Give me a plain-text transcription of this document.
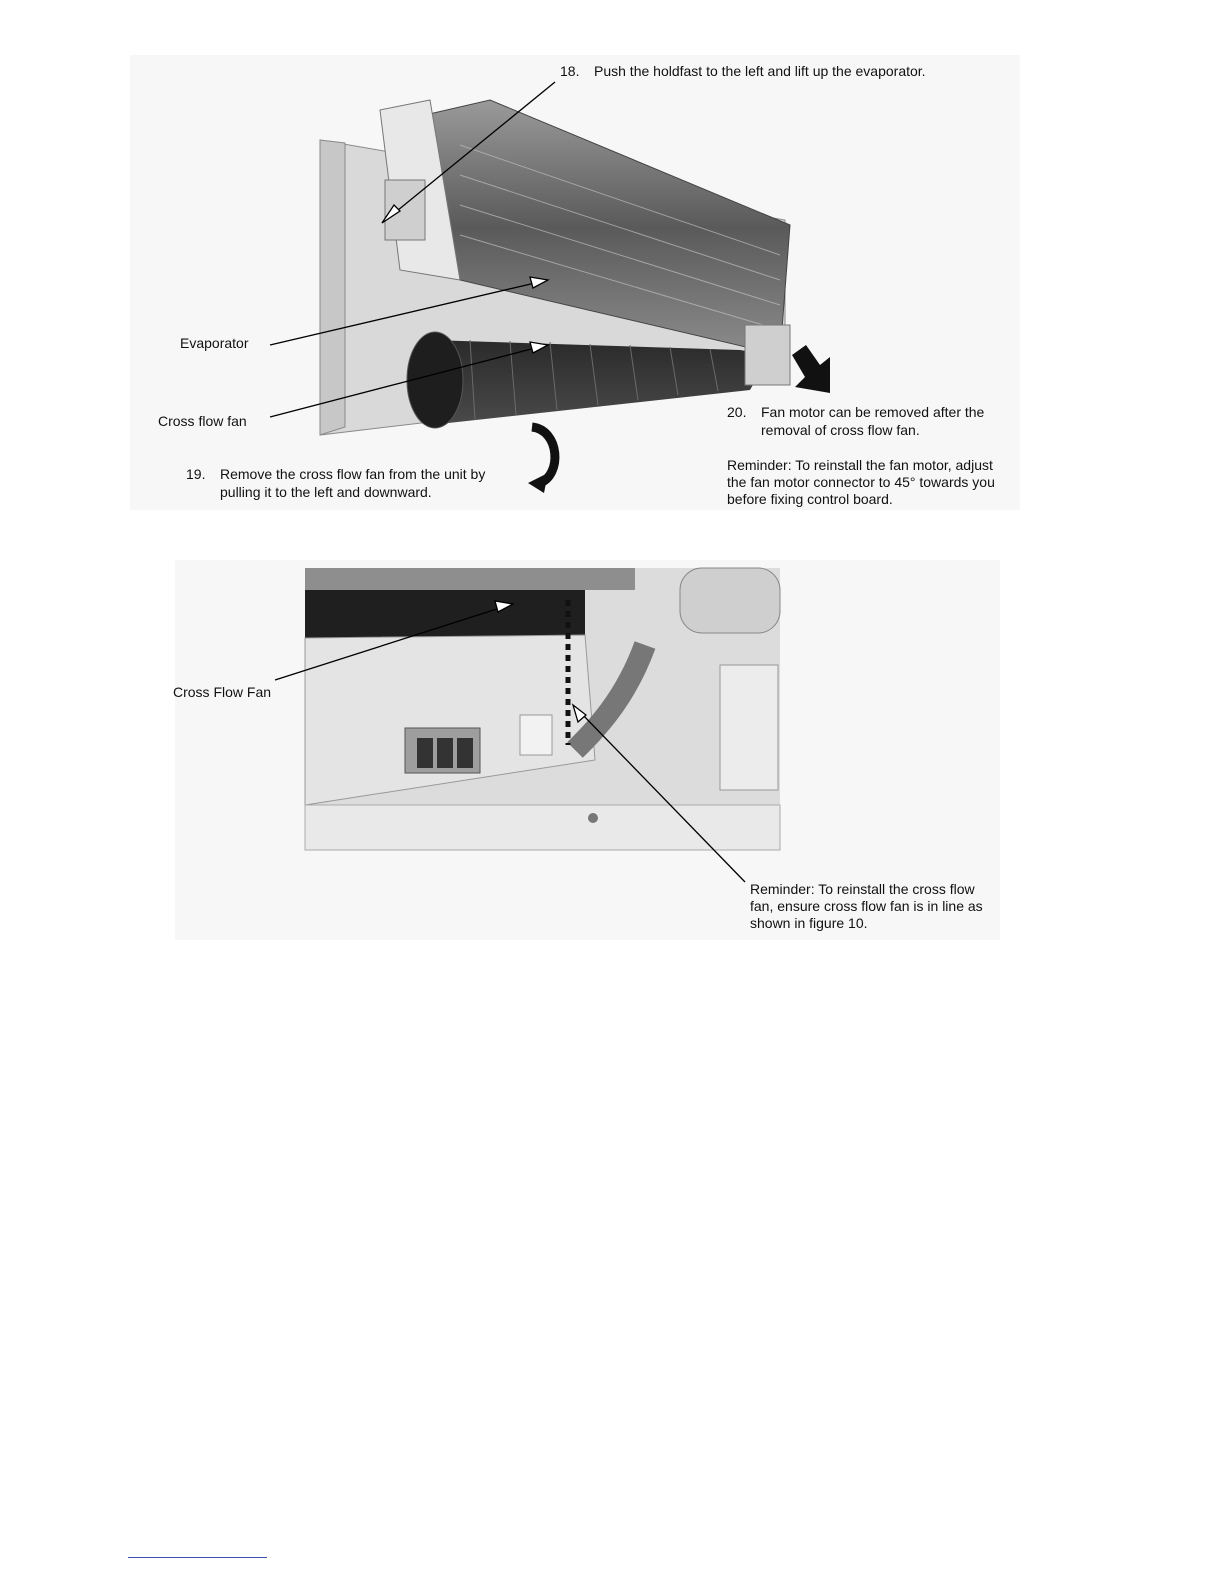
18. Push the holdfast to the left and lift up the evaporator.
Evaporator
Cross flow fan
19. Remove the cross flow fan from the unit by
pulling it to the left and downward.
20. Fan motor can be removed after the
removal of cross flow fan.
Reminder: To reinstall the fan motor, adjust
the fan motor connector to 45° towards you
before fixing control board.
Cross Flow Fan
Reminder: To reinstall the cross flow
fan, ensure cross flow fan is in line as
shown in figure 10.
